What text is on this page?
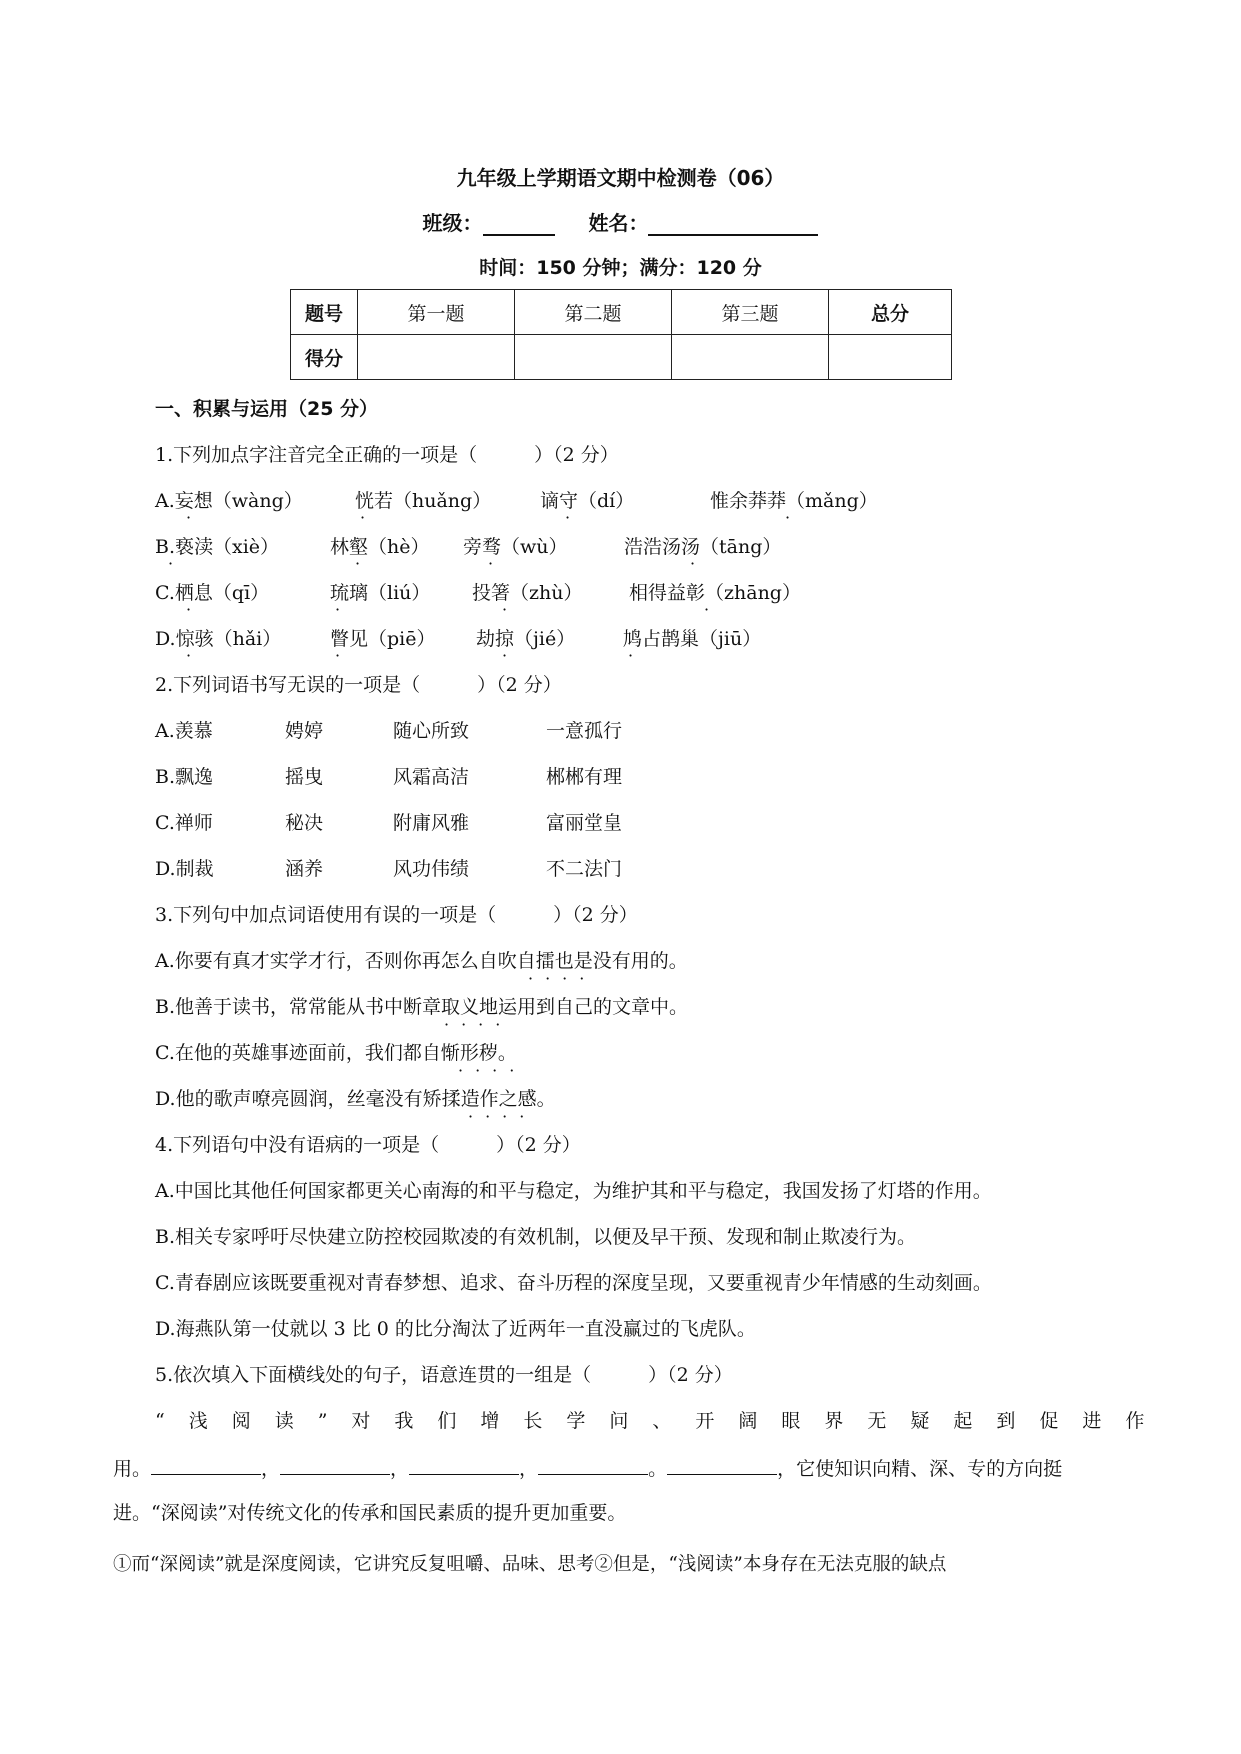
九年级上学期语文期中检测卷（06）
班级：	姓名：
时间：150 分钟；满分：120 分
题号	第一题	第二题	第三题	总分
得分				
一、积累与运用（25 分）
1.下列加点字注音完全正确的一项是（　　　）（2 分）
A.妄想（wàng）	恍若（huǎng）	谪守（dí）	惟余莽莽（mǎng）
B.亵渎（xiè）	林壑（hè） 旁骛（wù）	浩浩汤汤（tāng）
C.栖息（qī）	琉璃（liú） 投箸（zhù） 相得益彰（zhāng）
D.惊骇（hǎi）	瞥见（piē） 劫掠（jié）	鸠占鹊巢（jiū）
2.下列词语书写无误的一项是（　　　）（2 分）
A.羡慕	娉婷	随心所致	一意孤行
B.飘逸	摇曳	风霜高洁	郴郴有理
C.禅师	秘决	附庸风雅	富丽堂皇
D.制裁	涵养	风功伟绩	不二法门
3.下列句中加点词语使用有误的一项是（　　　）（2 分）
A.你要有真才实学才行，否则你再怎么自吹自擂也是没有用的。
B.他善于读书，常常能从书中断章取义地运用到自己的文章中。
C.在他的英雄事迹面前，我们都自惭形秽。
D.他的歌声嘹亮圆润，丝毫没有矫揉造作之感。
····
····
····
····
·	·	·	·
·	·	·	·
·	·	·	·
·	·	·	·
4.下列语句中没有语病的一项是（　　　）（2 分）
A.中国比其他任何国家都更关心南海的和平与稳定，为维护其和平与稳定，我国发扬了灯塔的作用。
B.相关专家呼吁尽快建立防控校园欺凌的有效机制，以便及早干预、发现和制止欺凌行为。
C.青春剧应该既要重视对青春梦想、追求、奋斗历程的深度呈现，又要重视青少年情感的生动刻画。
D.海燕队第一仗就以 3 比 0 的比分淘汰了近两年一直没赢过的飞虎队。
5.依次填入下面横线处的句子，语意连贯的一组是（　　　）（2 分）
“浅阅读”对我们增长学问、开阔眼界无疑起到促进作
用。	，	，	，	。	，它使知识向精、深、专的方向挺
进。“深阅读”对传统文化的传承和国民素质的提升更加重要。
①而“深阅读”就是深度阅读，它讲究反复咀嚼、品味、思考②但是，“浅阅读”本身存在无法克服的缺点
